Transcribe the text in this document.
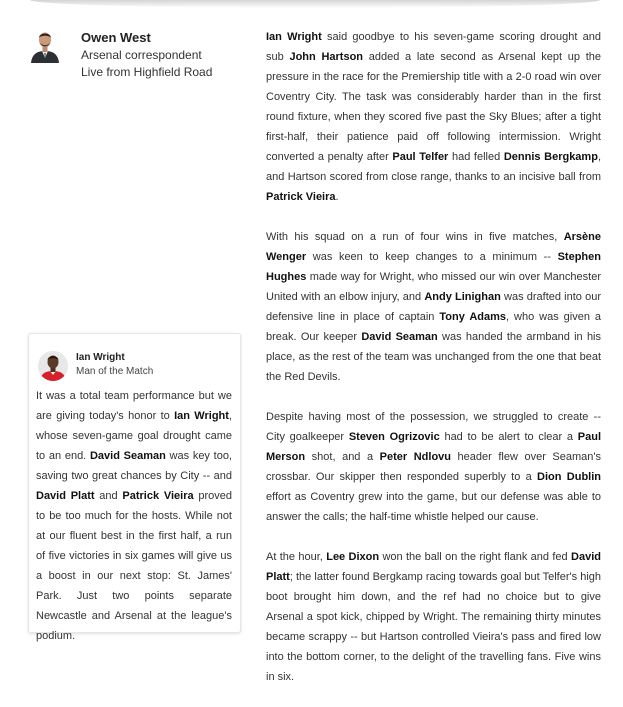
Owen West
Arsenal correspondent
Live from Highfield Road
Ian Wright
Man of the Match
It was a total team performance but we are giving today's honor to Ian Wright, whose seven-game goal drought came to an end. David Seaman was key too, saving two great chances by City -- and David Platt and Patrick Vieira proved to be too much for the hosts. While not at our fluent best in the first half, a run of five victories in six games will give us a boost in our next stop: St. James' Park. Just two points separate Newcastle and Arsenal at the league's podium.

Ian Wright said goodbye to his seven-game scoring drought and sub John Hartson added a late second as Arsenal kept up the pressure in the race for the Premiership title with a 2-0 road win over Coventry City. The task was considerably harder than in the first round fixture, when they scored five past the Sky Blues; after a tight first-half, their patience paid off following intermission. Wright converted a penalty after Paul Telfer had felled Dennis Bergkamp, and Hartson scored from close range, thanks to an incisive ball from Patrick Vieira.

With his squad on a run of four wins in five matches, Arsène Wenger was keen to keep changes to a minimum -- Stephen Hughes made way for Wright, who missed our win over Manchester United with an elbow injury, and Andy Linighan was drafted into our defensive line in place of captain Tony Adams, who was given a break. Our keeper David Seaman was handed the armband in his place, as the rest of the team was unchanged from the one that beat the Red Devils.

Despite having most of the possession, we struggled to create -- City goalkeeper Steven Ogrizovic had to be alert to clear a Paul Merson shot, and a Peter Ndlovu header flew over Seaman's crossbar. Our skipper then responded superbly to a Dion Dublin effort as Coventry grew into the game, but our defense was able to answer the calls; the half-time whistle helped our cause.

At the hour, Lee Dixon won the ball on the right flank and fed David Platt; the latter found Bergkamp racing towards goal but Telfer's high boot brought him down, and the ref had no choice but to give Arsenal a spot kick, chipped by Wright. The remaining thirty minutes became scrappy -- but Hartson controlled Vieira's pass and fired low into the bottom corner, to the delight of the travelling fans. Five wins in six.
